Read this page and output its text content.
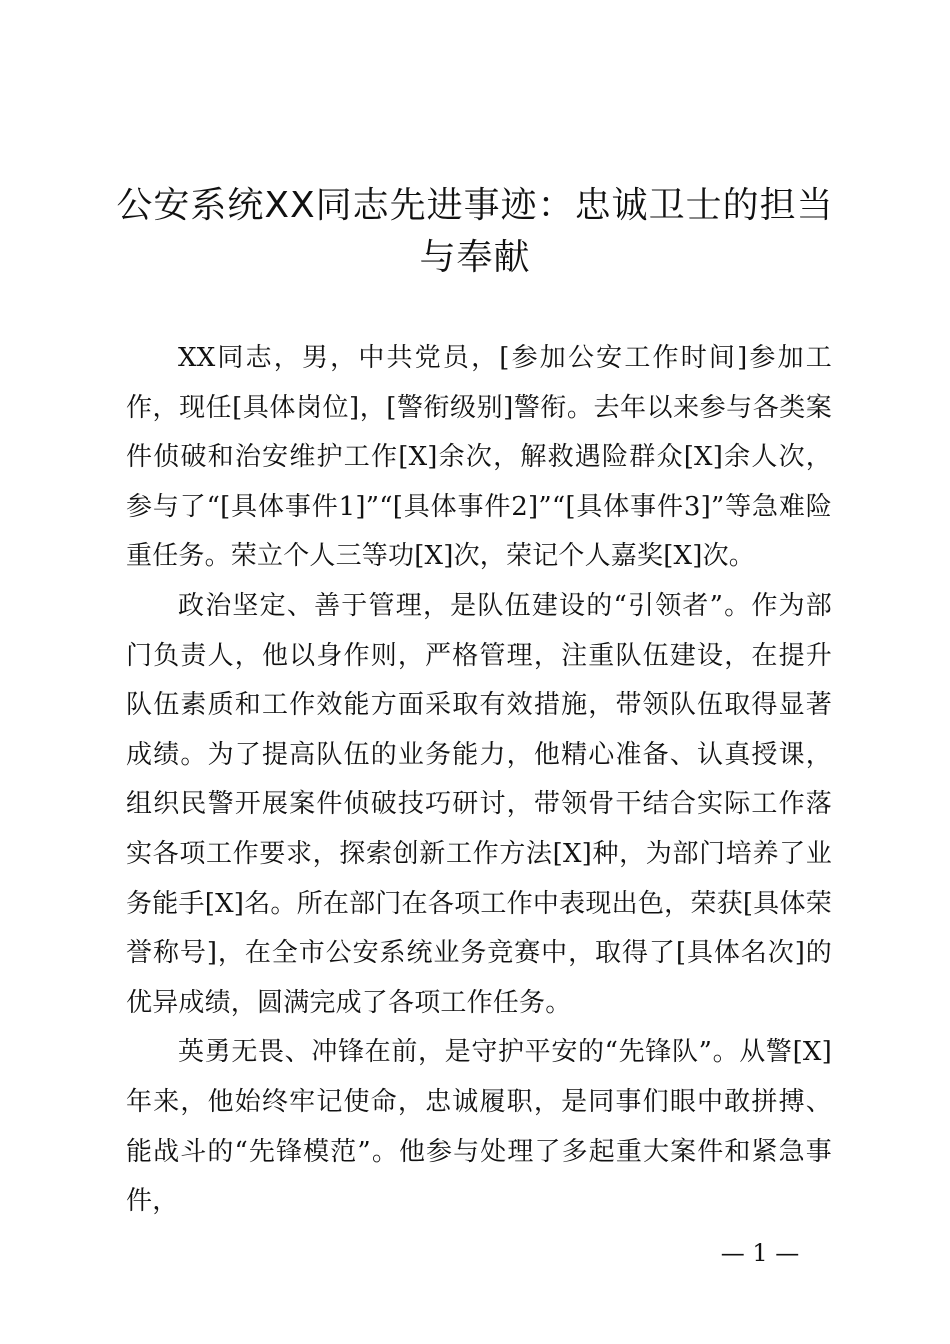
公安系统XX同志先进事迹：忠诚卫士的担当与奉献

XX同志，男，中共党员，[参加公安工作时间]参加工作，现任[具体岗位]，[警衔级别]警衔。去年以来参与各类案件侦破和治安维护工作[X]余次，解救遇险群众[X]余人次，参与了“[具体事件1]”“[具体事件2]”“[具体事件3]”等急难险重任务。荣立个人三等功[X]次，荣记个人嘉奖[X]次。

政治坚定、善于管理，是队伍建设的“引领者”。作为部门负责人，他以身作则，严格管理，注重队伍建设，在提升队伍素质和工作效能方面采取有效措施，带领队伍取得显著成绩。为了提高队伍的业务能力，他精心准备、认真授课，组织民警开展案件侦破技巧研讨，带领骨干结合实际工作落实各项工作要求，探索创新工作方法[X]种，为部门培养了业务能手[X]名。所在部门在各项工作中表现出色，荣获[具体荣誉称号]，在全市公安系统业务竞赛中，取得了[具体名次]的优异成绩，圆满完成了各项工作任务。

英勇无畏、冲锋在前，是守护平安的“先锋队”。从警[X]年来，他始终牢记使命，忠诚履职，是同事们眼中敢拼搏、能战斗的“先锋模范”。他参与处理了多起重大案件和紧急事件，

— 1 —
